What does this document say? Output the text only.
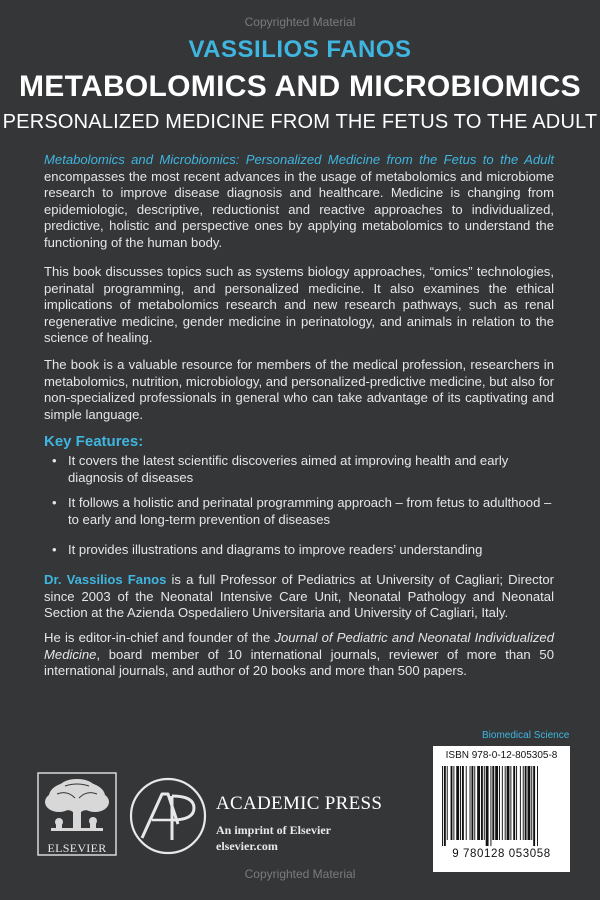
Copyrighted Material
VASSILIOS FANOS
METABOLOMICS AND MICROBIOMICS
PERSONALIZED MEDICINE FROM THE FETUS TO THE ADULT

Metabolomics and Microbiomics: Personalized Medicine from the Fetus to the Adult encompasses the most recent advances in the usage of metabolomics and microbiome research to improve disease diagnosis and healthcare. Medicine is changing from epidemiologic, descriptive, reductionist and reactive approaches to individualized, predictive, holistic and perspective ones by applying metabolomics to understand the functioning of the human body.

This book discusses topics such as systems biology approaches, “omics” technologies, perinatal programming, and personalized medicine. It also examines the ethical implications of metabolomics research and new research pathways, such as renal regenerative medicine, gender medicine in perinatology, and animals in relation to the science of healing.

The book is a valuable resource for members of the medical profession, researchers in metabolomics, nutrition, microbiology, and personalized-predictive medicine, but also for non-specialized professionals in general who can take advantage of its captivating and simple language.

Key Features:
• It covers the latest scientific discoveries aimed at improving health and early diagnosis of diseases
• It follows a holistic and perinatal programming approach – from fetus to adulthood – to early and long-term prevention of diseases
• It provides illustrations and diagrams to improve readers’ understanding

Dr. Vassilios Fanos is a full Professor of Pediatrics at University of Cagliari; Director since 2003 of the Neonatal Intensive Care Unit, Neonatal Pathology and Neonatal Section at the Azienda Ospedaliero Universitaria and University of Cagliari, Italy.

He is editor-in-chief and founder of the Journal of Pediatric and Neonatal Individualized Medicine, board member of 10 international journals, reviewer of more than 50 international journals, and author of 20 books and more than 500 papers.

Biomedical Science
ISBN 978-0-12-805305-8
9 780128 053058
ELSEVIER
ACADEMIC PRESS
An imprint of Elsevier
elsevier.com
Copyrighted Material
